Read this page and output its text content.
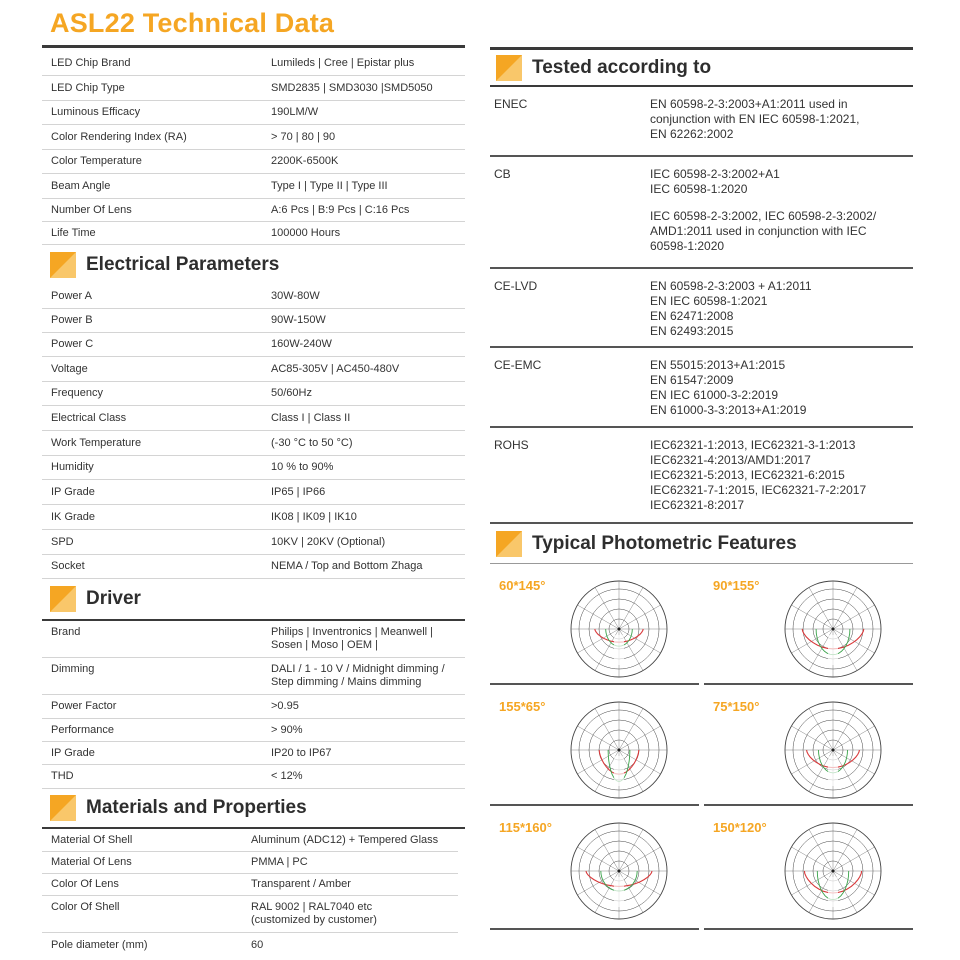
ASL22 Technical Data
LED Chip Brand	Lumileds | Cree | Epistar plus
LED Chip Type	SMD2835 | SMD3030 |SMD5050
Luminous Efficacy	190LM/W
Color Rendering Index (RA)	> 70 | 80 | 90
Color Temperature	2200K-6500K
Beam Angle	Type I | Type II | Type III
Number Of Lens	A:6 Pcs | B:9 Pcs | C:16 Pcs
Life Time	100000 Hours
Electrical Parameters
Power A	30W-80W
Power B	90W-150W
Power C	160W-240W
Voltage	AC85-305V | AC450-480V
Frequency	50/60Hz
Electrical Class	Class I | Class II
Work Temperature	(-30 °C to 50 °C)
Humidity	10 % to 90%
IP Grade	IP65 | IP66
IK Grade	IK08 | IK09 | IK10
SPD	10KV | 20KV (Optional)
Socket	NEMA / Top and Bottom Zhaga
Driver
Brand	Philips | Inventronics | Meanwell |
Sosen | Moso | OEM |
Dimming	DALI / 1 - 10 V / Midnight dimming /
Step dimming / Mains dimming
Power Factor	>0.95
Performance	> 90%
IP Grade	IP20 to IP67
THD	< 12%
Materials and Properties
Material Of Shell	Aluminum (ADC12) + Tempered Glass
Material Of Lens	PMMA | PC
Color Of Lens	Transparent / Amber
Color Of Shell	RAL 9002 | RAL7040 etc
(customized by customer)
Pole diameter (mm)	60
Tested according to
ENEC	EN 60598-2-3:2003+A1:2011 used in
conjunction with EN IEC 60598-1:2021,
EN 62262:2002
CB	IEC 60598-2-3:2002+A1
IEC 60598-1:2020
IEC 60598-2-3:2002, IEC 60598-2-3:2002/
AMD1:2011 used in conjunction with IEC
60598-1:2020
CE-LVD	EN 60598-2-3:2003 + A1:2011
EN IEC 60598-1:2021
EN 62471:2008
EN 62493:2015
CE-EMC	EN 55015:2013+A1:2015
EN 61547:2009
EN IEC 61000-3-2:2019
EN 61000-3-3:2013+A1:2019
ROHS	IEC62321-1:2013, IEC62321-3-1:2013
IEC62321-4:2013/AMD1:2017
IEC62321-5:2013, IEC62321-6:2015
IEC62321-7-1:2015, IEC62321-7-2:2017
IEC62321-8:2017
Typical Photometric Features
60*145°	90*155°
155*65°	75*150°
115*160°	150*120°
